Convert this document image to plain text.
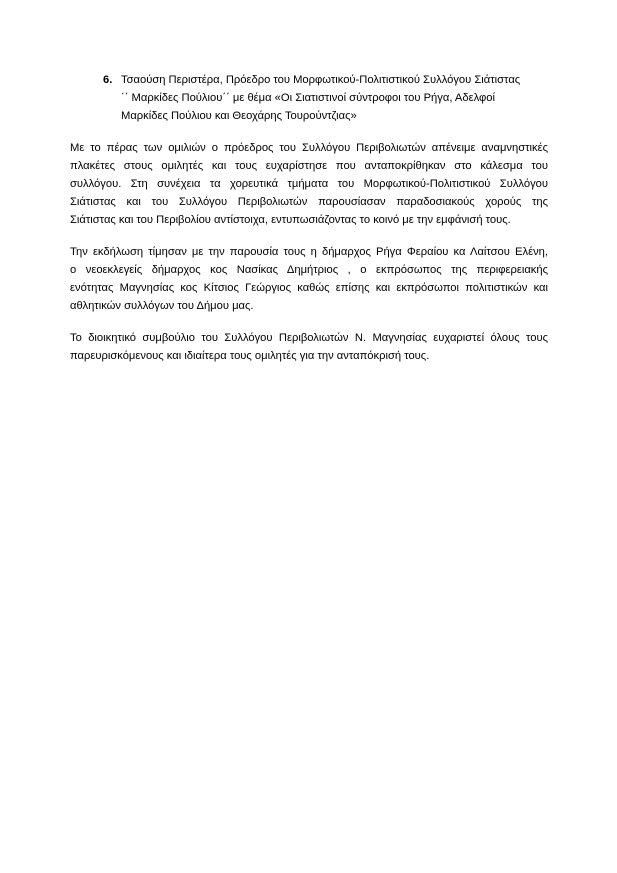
6. Τσαούση Περιστέρα, Πρόεδρο του Μορφωτικού-Πολιτιστικού Συλλόγου Σιάτιστας
΄΄ Μαρκίδες Πούλιου΄΄ με θέμα «Οι Σιατιστινοί σύντροφοι του Ρήγα, Αδελφοί
Μαρκίδες Πούλιου και Θεοχάρης Τουρούντζιας»
Με το πέρας των ομιλιών ο πρόεδρος του Συλλόγου Περιβολιωτών απένειμε αναμνηστικές
πλακέτες στους ομιλητές και τους ευχαρίστησε που ανταποκρίθηκαν στο κάλεσμα του
συλλόγου. Στη συνέχεια τα χορευτικά τμήματα του Μορφωτικού-Πολιτιστικού Συλλόγου
Σιάτιστας και του Συλλόγου Περιβολιωτών παρουσίασαν παραδοσιακούς χορούς της
Σιάτιστας και του Περιβολίου αντίστοιχα, εντυπωσιάζοντας το κοινό με την εμφάνισή τους.
Την εκδήλωση τίμησαν με την παρουσία τους η δήμαρχος Ρήγα Φεραίου κα Λαίτσου Ελένη,
ο νεοεκλεγείς δήμαρχος κος Νασίκας Δημήτριος , ο εκπρόσωπος της περιφερειακής
ενότητας Μαγνησίας κος Κίτσιος Γεώργιος καθώς επίσης και εκπρόσωποι πολιτιστικών και
αθλητικών συλλόγων του Δήμου μας.
Το διοικητικό συμβούλιο του Συλλόγου Περιβολιωτών Ν. Μαγνησίας ευχαριστεί όλους τους
παρευρισκόμενους και ιδιαίτερα τους ομιλητές για την ανταπόκρισή τους.
